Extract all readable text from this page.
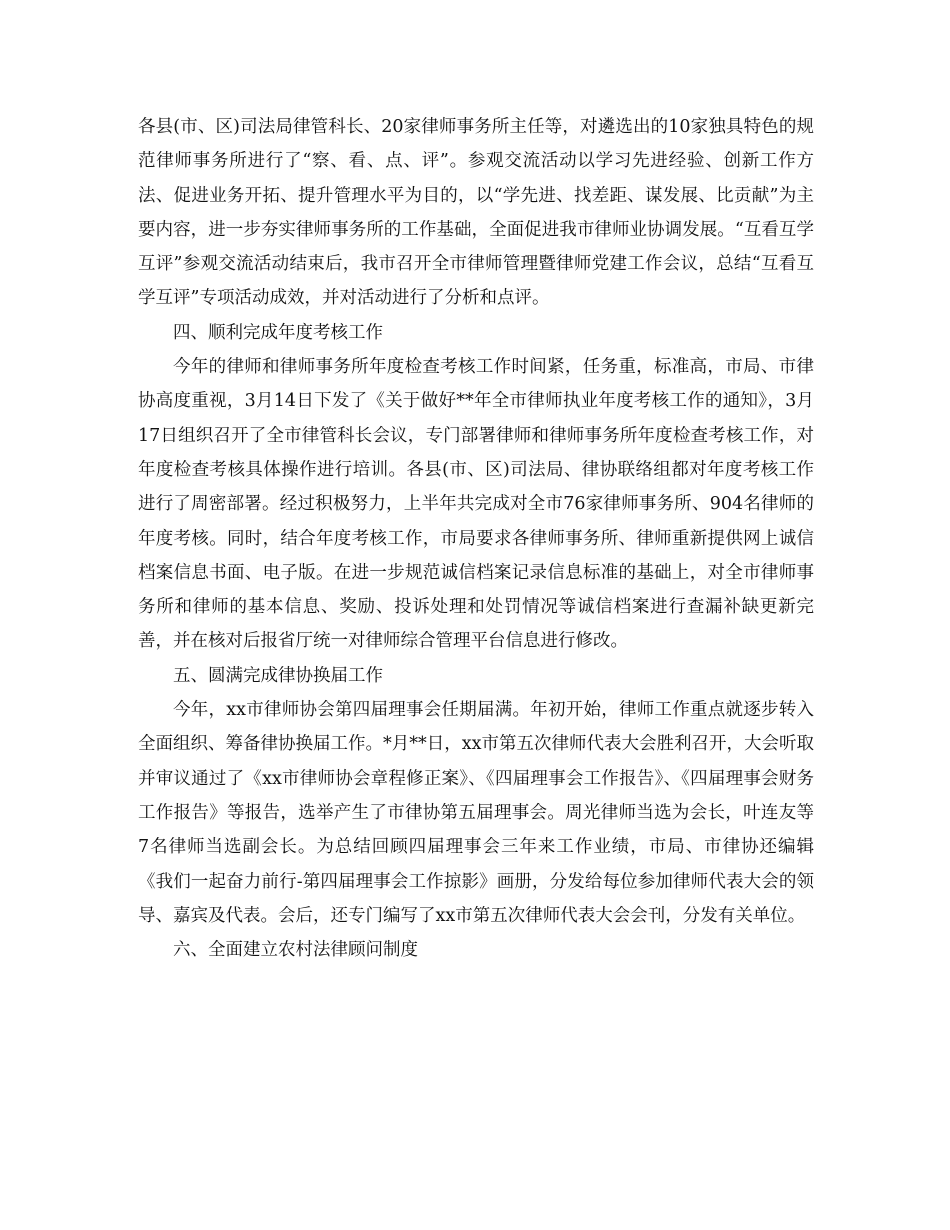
各县(市、区)司法局律管科长、20家律师事务所主任等，对遴选出的10家独具特色的规范律师事务所进行了“察、看、点、评”。参观交流活动以学习先进经验、创新工作方法、促进业务开拓、提升管理水平为目的，以“学先进、找差距、谋发展、比贡献”为主要内容，进一步夯实律师事务所的工作基础，全面促进我市律师业协调发展。“互看互学互评”参观交流活动结束后，我市召开全市律师管理暨律师党建工作会议，总结“互看互学互评”专项活动成效，并对活动进行了分析和点评。

四、顺利完成年度考核工作

今年的律师和律师事务所年度检查考核工作时间紧，任务重，标准高，市局、市律协高度重视，3月14日下发了《关于做好**年全市律师执业年度考核工作的通知》，3月17日组织召开了全市律管科长会议，专门部署律师和律师事务所年度检查考核工作，对年度检查考核具体操作进行培训。各县(市、区)司法局、律协联络组都对年度考核工作进行了周密部署。经过积极努力，上半年共完成对全市76家律师事务所、904名律师的年度考核。同时，结合年度考核工作，市局要求各律师事务所、律师重新提供网上诚信档案信息书面、电子版。在进一步规范诚信档案记录信息标准的基础上，对全市律师事务所和律师的基本信息、奖励、投诉处理和处罚情况等诚信档案进行查漏补缺更新完善，并在核对后报省厅统一对律师综合管理平台信息进行修改。

五、圆满完成律协换届工作

今年，xx市律师协会第四届理事会任期届满。年初开始，律师工作重点就逐步转入全面组织、筹备律协换届工作。*月**日，xx市第五次律师代表大会胜利召开，大会听取并审议通过了《xx市律师协会章程修正案》、《四届理事会工作报告》、《四届理事会财务工作报告》等报告，选举产生了市律协第五届理事会。周光律师当选为会长，叶连友等7名律师当选副会长。为总结回顾四届理事会三年来工作业绩，市局、市律协还编辑《我们一起奋力前行-第四届理事会工作掠影》画册，分发给每位参加律师代表大会的领导、嘉宾及代表。会后，还专门编写了xx市第五次律师代表大会会刊，分发有关单位。

六、全面建立农村法律顾问制度
